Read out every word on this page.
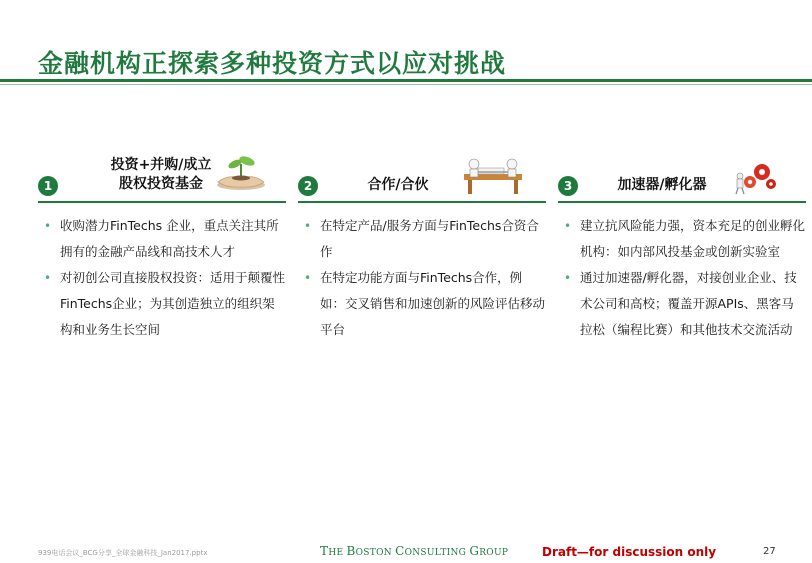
金融机构正探索多种投资方式以应对挑战
1
投资+并购/成立
股权投资基金
• 收购潜力FinTechs 企业，重点关注其所拥有的金融产品线和高技术人才
• 对初创公司直接股权投资：适用于颠覆性FinTechs企业；为其创造独立的组织架构和业务生长空间
2	合作/合伙
• 在特定产品/服务方面与FinTechs合资合作
• 在特定功能方面与FinTechs合作，例如：交叉销售和加速创新的风险评估移动平台
3	加速器/孵化器
• 建立抗风险能力强，资本充足的创业孵化机构：如内部风投基金或创新实验室
• 通过加速器/孵化器，对接创业企业、技术公司和高校；覆盖开源APIs、黑客马拉松（编程比赛）和其他技术交流活动
939电话会议_BCG分享_全球金融科技_Jan2017.pptx	THE BOSTON CONSULTING GROUP	Draft—for discussion only	27
